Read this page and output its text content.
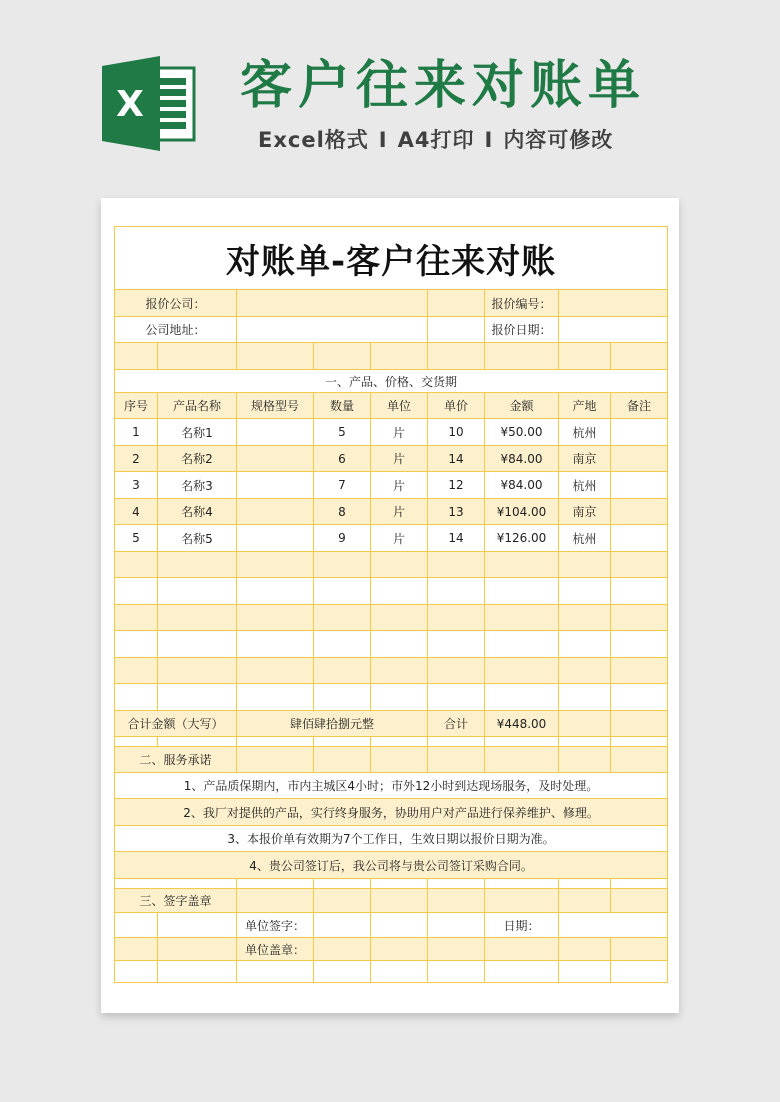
X 客户往来对账单
Excel格式 I A4打印 I 内容可修改
对账单-客户往来对账								
报价公司：						报价编号：		
公司地址：						报价日期：		

一、产品、价格、交货期								
序号	产品名称	规格型号	数量	单位	单价	金额	产地	备注
1	名称1		5	片	10	¥50.00	杭州	
2	名称2		6	片	14	¥84.00	南京	
3	名称3		7	片	12	¥84.00	杭州	
4	名称4		8	片	13	¥104.00	南京	
5	名称5		9	片	14	¥126.00	杭州	

合计金额（大写）		肆佰肆拾捌元整			合计	¥448.00		

二、服务承诺								
1、产品质保期内，市内主城区4小时；市外12小时到达现场服务，及时处理。								
2、我厂对提供的产品，实行终身服务，协助用户对产品进行保养维护、修理。								
3、本报价单有效期为7个工作日，生效日期以报价日期为准。								
4、贵公司签订后，我公司将与贵公司签订采购合同。								

三、签字盖章								
		单位签字：				日期：		
		单位盖章：						
